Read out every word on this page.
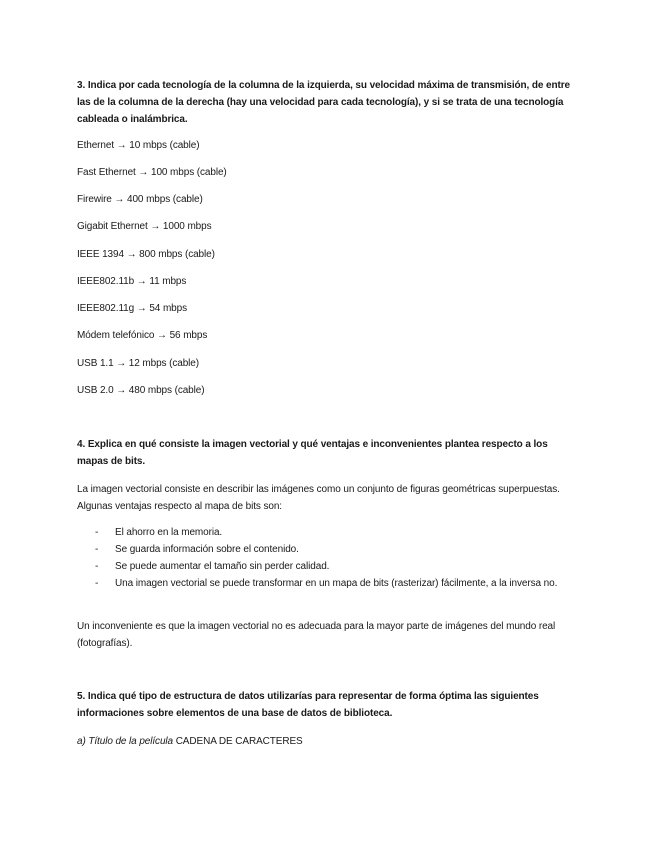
3. Indica por cada tecnología de la columna de la izquierda, su velocidad máxima de transmisión, de entre las de la columna de la derecha (hay una velocidad para cada tecnología), y si se trata de una tecnología cableada o inalámbrica.
Ethernet → 10 mbps (cable)
Fast Ethernet → 100 mbps (cable)
Firewire → 400 mbps (cable)
Gigabit Ethernet → 1000 mbps
IEEE 1394 → 800 mbps (cable)
IEEE802.11b → 11 mbps
IEEE802.11g → 54 mbps
Módem telefónico → 56 mbps
USB 1.1 → 12 mbps (cable)
USB 2.0 → 480 mbps (cable)
4. Explica en qué consiste la imagen vectorial y qué ventajas e inconvenientes plantea respecto a los mapas de bits.
La imagen vectorial consiste en describir las imágenes como un conjunto de figuras geométricas superpuestas. Algunas ventajas respecto al mapa de bits son:
- El ahorro en la memoria.
- Se guarda información sobre el contenido.
- Se puede aumentar el tamaño sin perder calidad.
- Una imagen vectorial se puede transformar en un mapa de bits (rasterizar) fácilmente, a la inversa no.
Un inconveniente es que la imagen vectorial no es adecuada para la mayor parte de imágenes del mundo real (fotografías).
5. Indica qué tipo de estructura de datos utilizarías para representar de forma óptima las siguientes informaciones sobre elementos de una base de datos de biblioteca.
a) Título de la película CADENA DE CARACTERES
